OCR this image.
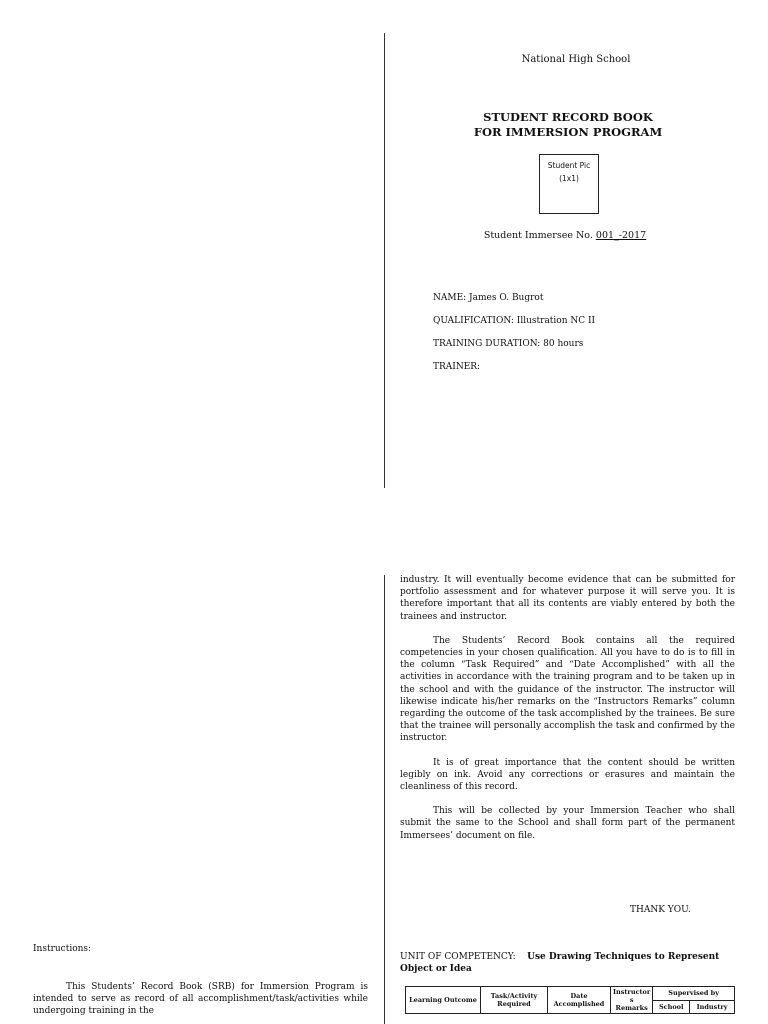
National High School
STUDENT RECORD BOOK
FOR IMMERSION PROGRAM
Student Pic
(1x1)
Student Immersee No. 001_-2017
NAME: James O. Bugrot
QUALIFICATION: Illustration NC II
TRAINING DURATION: 80 hours
TRAINER:
Instructions:

This Students’ Record Book (SRB) for Immersion Program is intended to serve as record of all accomplishment/task/activities while undergoing training in the

industry. It will eventually become evidence that can be submitted for portfolio assessment and for whatever purpose it will serve you. It is therefore important that all its contents are viably entered by both the trainees and instructor.

The Students’ Record Book contains all the required competencies in your chosen qualification. All you have to do is to fill in the column “Task Required” and “Date Accomplished” with all the activities in accordance with the training program and to be taken up in the school and with the guidance of the instructor. The instructor will likewise indicate his/her remarks on the “Instructors Remarks” column regarding the outcome of the task accomplished by the trainees. Be sure that the trainee will personally accomplish the task and confirmed by the instructor.

It is of great importance that the content should be written legibly on ink. Avoid any corrections or erasures and maintain the cleanliness of this record.

This will be collected by your Immersion Teacher who shall submit the same to the School and shall form part of the permanent Immersees’ document on file.

THANK YOU.
UNIT OF COMPETENCY: Use Drawing Techniques to Represent Object or Idea
Learning Outcome	Task/Activity Required	Date Accomplished	Instructor s Remarks	Supervised by	
				School	Industry
